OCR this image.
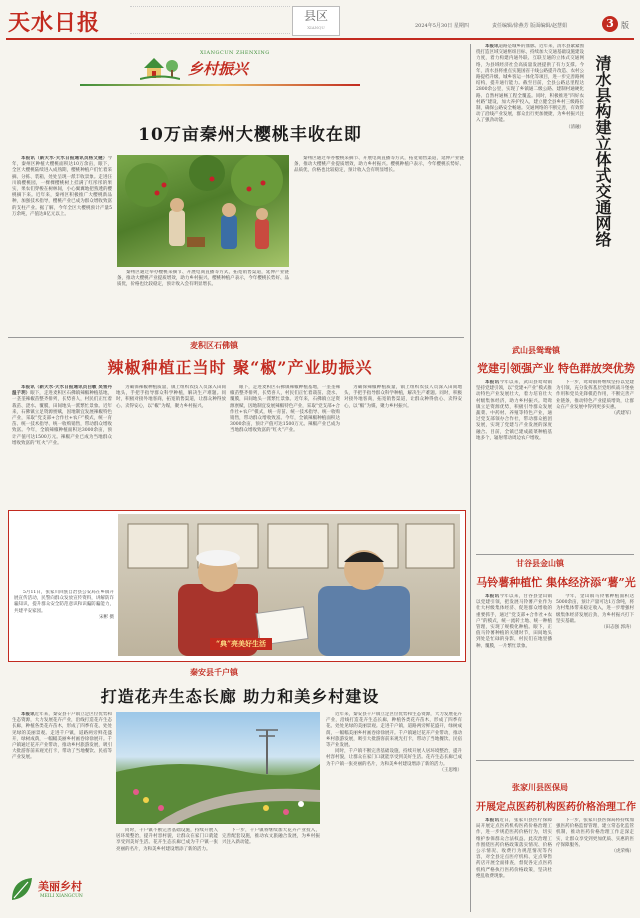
天水日报	县区
XIANQU	2024年5月30日 星期四	责任编辑/徐燕芳 版面编辑/赵慧娟	3 版
XIANGCUN ZHENXING
乡村振兴
10万亩秦州大樱桃丰收在即

本报讯（新天水·天水日报通讯员杨文健）今年，秦州区种植大樱桃面积达10万余亩，眼下，全区大樱桃陆续进入成熟期，樱桃种植户们忙着采摘、分拣、装箱，处处呈现一派丰收景象。走进汪川镇樱桃园，一棵棵樱桃树上挂满了红彤彤的果实，果农们穿梭在树林间，小心翼翼地把熟透的樱桃摘下来。近年来，秦州区积极推广大樱桃新品种，加强技术指导，樱桃产业已成为群众增收致富的支柱产业。据了解，今年全区大樱桃预计产量5万余吨，产值达8亿元以上。

秦州区通过举办樱桃采摘节、开展电商直播等方式，拓宽销售渠道，延伸产业链条，推动大樱桃产业提质增效，助力乡村振兴。樱桃种植户表示，今年樱桃长势好、品质优，价格也比较稳定，预计收入会有明显增长。

秦州区通过举办樱桃采摘节、开展电商直播等方式，拓宽销售渠道，延伸产业链条，推动大樱桃产业提质增效，助力乡村振兴。樱桃种植户表示，今年樱桃长势好、品质优，价格也比较稳定，预计收入会有明显增长。	清水县构建立体式交通网络

本报讯道路是城乡的血脉。近年来，清水县紧紧围绕打造区域交通枢纽目标，持续加大交通基础设施建设力度，着力构建内通外联、互联互通的立体式交通网络，为县域经济社会高质量发展提供了有力支撑。今年，清水县将重点实施国省干线公路提升改造、农村公路提档升级、城乡客运一体化等项目，进一步完善路网结构，提升通行能力。截至目前，全县公路总里程达2800余公里，实现了乡镇通二级公路、建制村通硬化路、自然村通畅工程全覆盖。同时，积极推进“四好农村路”建设，加大养护投入，建立健全县乡村三级路长制，确保公路安全畅通。交通网络的不断完善，有效带动了沿线产业发展，群众出行更加便捷，为乡村振兴注入了强劲动能。

（清融）

麦积区石佛镇
辣椒种植正当时 聚“椒”产业助振兴

本报讯（新天水·天水日报通讯员白敏 吴雪丹 温子玥）眼下，走进麦积区石佛镇辣椒种植基地，一垄垄辣椒苗整齐排列，长势喜人，村民们正忙着栽苗、浇水、覆膜，田间地头一派繁忙景象。近年来，石佛镇立足资源禀赋，因地制宜发展辣椒特色产业，采取“党支部+合作社+农户”模式，统一育苗、统一技术指导、统一收购销售，带动群众增收致富。今年，全镇辣椒种植面积达3000余亩，预计产值可达1500万元。辣椒产业已成为当地群众增收致富的“红火”产业。

为确保辣椒种植质量，镇上组织农技人员深入田间地头，手把手指导群众科学种植，解决生产难题。同时，积极对接外地客商，拓宽销售渠道，让群众种得放心、卖得安心，以“椒”为媒，聚力乡村振兴。

眼下，走进麦积区石佛镇辣椒种植基地，一垄垄辣椒苗整齐排列，长势喜人，村民们正忙着栽苗、浇水、覆膜，田间地头一派繁忙景象。近年来，石佛镇立足资源禀赋，因地制宜发展辣椒特色产业，采取“党支部+合作社+农户”模式，统一育苗、统一技术指导、统一收购销售，带动群众增收致富。今年，全镇辣椒种植面积达3000余亩，预计产值可达1500万元。辣椒产业已成为当地群众增收致富的“红火”产业。

为确保辣椒种植质量，镇上组织农技人员深入田间地头，手把手指导群众科学种植，解决生产难题。同时，积极对接外地客商，拓宽销售渠道，让群众种得放心、卖得安心，以“椒”为媒，聚力乡村振兴。

5月11日，张家川回族自治县公安局在乡镇开展宣传活动，民警向群众发放宣传资料，讲解防诈骗知识，提升群众安全防范意识和识骗防骗能力，共建平安家园。

宋彬 摄

“典”亮美好生活
秦安县千户镇
打造花卉生态长廊 助力和美乡村建设

本报讯近年来，秦安县千户镇立足区位优势和生态资源，大力发展花卉产业，沿线打造花卉生态长廊，种植各类花卉苗木，形成了四季有花、处处见绿的美丽景观。走进千户镇，道路两旁鲜花盛开，绿树成荫，一幅幅美丽乡村画卷徐徐展开。千户镇通过花卉产业带动，推动乡村旅游发展，吸引大批游客前来观光打卡，带动了当地餐饮、民宿等产业发展。

同时，千户镇不断完善基础设施，持续开展人居环境整治，提升村容村貌，让群众在家门口就能享受到美好生活。花卉生态长廊已成为千户镇一张亮丽的名片，为和美乡村建设增添了新的活力。

下一步，千户镇将继续加大花卉产业投入，完善配套设施，推动农文旅融合发展，为乡村振兴注入新动能。

近年来，秦安县千户镇立足区位优势和生态资源，大力发展花卉产业，沿线打造花卉生态长廊，种植各类花卉苗木，形成了四季有花、处处见绿的美丽景观。走进千户镇，道路两旁鲜花盛开，绿树成荫，一幅幅美丽乡村画卷徐徐展开。千户镇通过花卉产业带动，推动乡村旅游发展，吸引大批游客前来观光打卡，带动了当地餐饮、民宿等产业发展。

同时，千户镇不断完善基础设施，持续开展人居环境整治，提升村容村貌，让群众在家门口就能享受到美好生活。花卉生态长廊已成为千户镇一张亮丽的名片，为和美乡村建设增添了新的活力。

（王思维）

美丽乡村
MEILI XIANGCUN
武山县鸳鸯镇
党建引领强产业 特色群放突优势

本报讯今年以来，武山县鸳鸯镇坚持党建引领，以“党建+产业”模式推动特色产业发展壮大，着力培育壮大村级集体经济，助力乡村振兴。鸳鸯镇立足资源优势，积极引导群众发展蔬菜、中药材、养殖等特色产业，通过党支部领办合作社，带动群众抱团发展，实现了党建与产业发展的深度融合。目前，全镇已建成蔬菜种植基地多个，辐射带动周边农户增收。

下一步，鸳鸯镇将继续坚持以党建为引领，充分发挥基层党组织战斗堡垒作用和党员先锋模范作用，不断完善产业链条，推动特色产业提质增效，让群众在产业发展中得到更多实惠。

（武建军）

甘谷县金山镇
马铃薯种植忙 集体经济添“薯”光

本报讯今年以来，甘谷县金山镇以党建引领，把发展马铃薯产业作为壮大村级集体经济、促进群众增收的重要抓手，通过“党支部+合作社+农户”的模式，统一流转土地、统一种植管理，实现了规模化种植。眼下，正值马铃薯种植的关键时节，田间地头到处是忙碌的身影，村民们在地里播种、覆膜，一片繁忙景象。

今年，金山镇马铃薯种植面积达5000余亩，预计产量可达1万余吨，将为村集体带来稳定收入，进一步增强村级集体经济发展后劲，为乡村振兴打下坚实基础。

（田志强 郭涛）

张家川县医保局
开展定点医药机构医药价格治理工作

本报讯近日，张家川县医疗保障局开展定点医药机构医药价格治理工作，进一步规范医药价格行为，切实维护参保群众合法权益。此次治理工作围绕医药价格政策落实情况、价格公示情况、收费行为规范情况等内容，对全县定点医疗机构、定点零售药店开展全面排查，督促各定点医药机构严格执行医药价格政策，坚决杜绝乱收费现象。

下一步，张家川县医保局将持续加强医药价格监督管理，建立常态化监管机制，推动医药价格治理工作走深走实，让群众享受到更加优质、实惠的医疗保障服务。

（虎荣梅）
